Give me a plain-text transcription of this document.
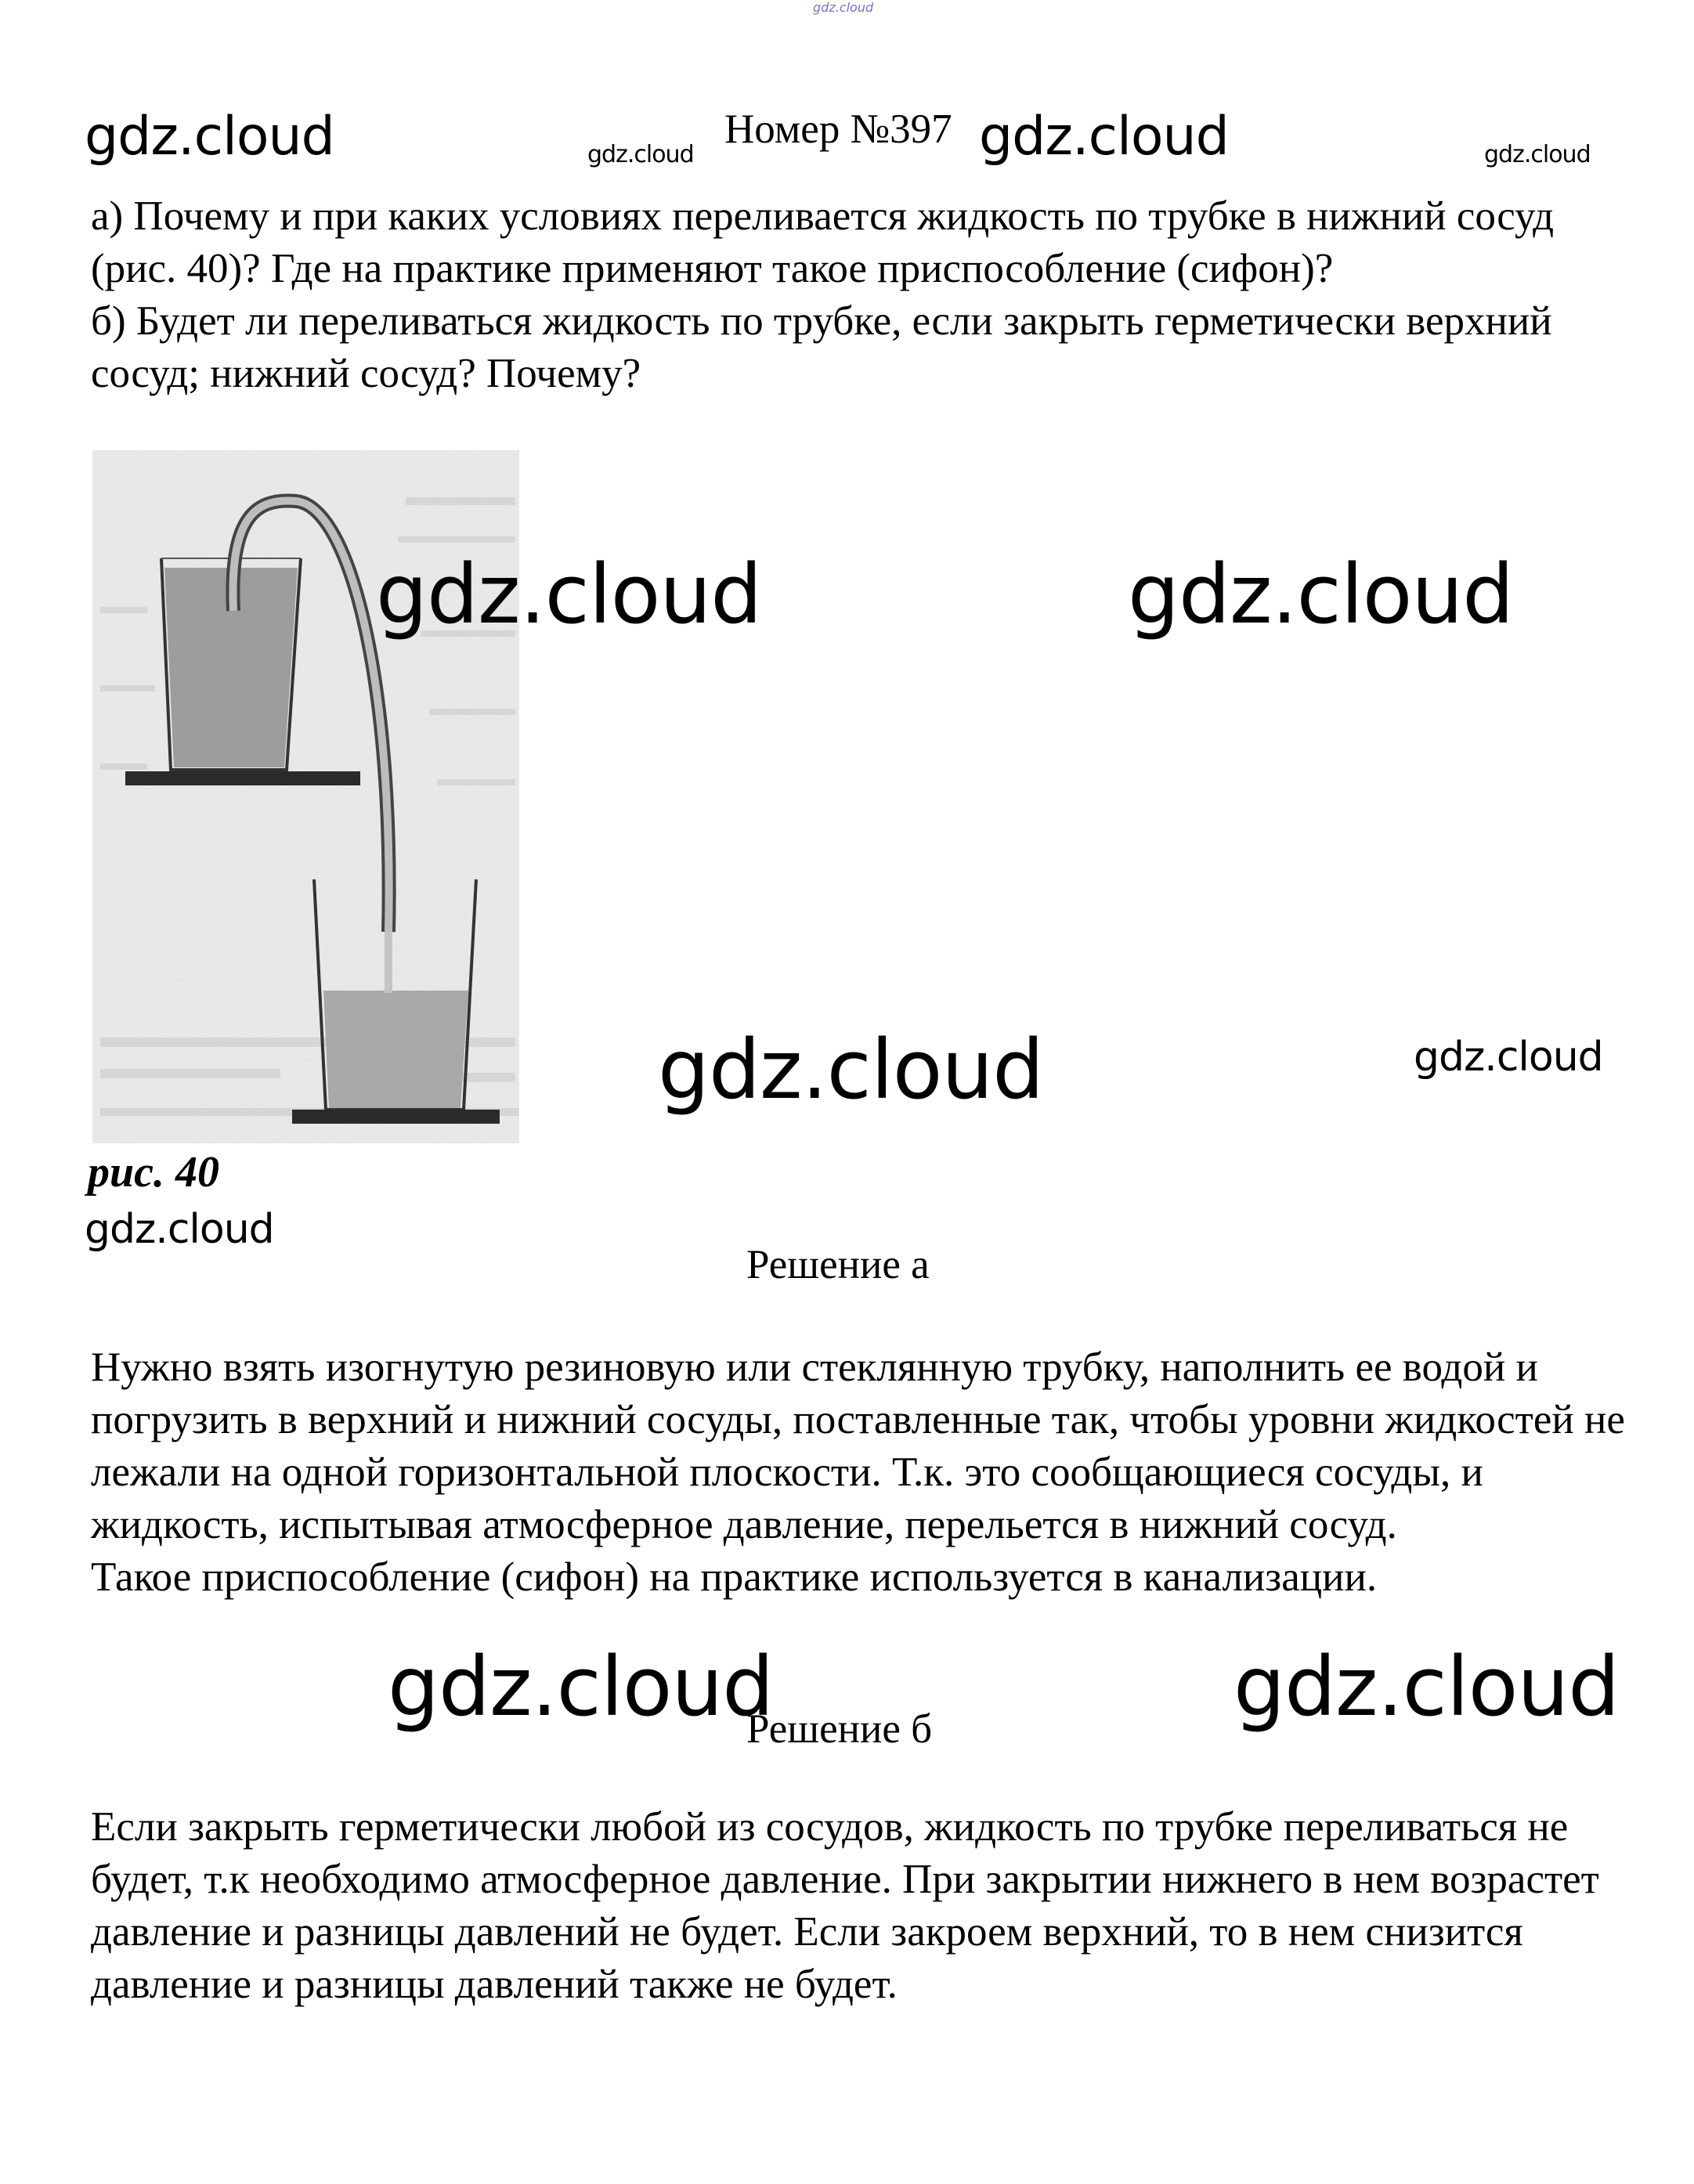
gdz.cloud
gdz.cloud	gdz.cloud
Номер №397 gdz.cloud	gdz.cloud

а) Почему и при каких условиях переливается жидкость по трубке в нижний сосуд (рис. 40)? Где на практике применяют такое приспособление (сифон)?

б) Будет ли переливаться жидкость по трубке, если закрыть герметически верхний сосуд; нижний сосуд? Почему?

gdz.cloud	gdz.cloud
gdz.cloud	gdz.cloud
рис. 40
gdz.cloud
Решение а

Нужно взять изогнутую резиновую или стеклянную трубку, наполнить ее водой и погрузить в верхний и нижний сосуды, поставленные так, чтобы уровни жидкостей не лежали на одной горизонтальной плоскости. Т.к. это сообщающиеся сосуды, и жидкость, испытывая атмосферное давление, перельется в нижний сосуд.

Такое приспособление (сифон) на практике используется в канализации.

gdz.cloud
Решение б	gdz.cloud

Если закрыть герметически любой из сосудов, жидкость по трубке переливаться не будет, т.к необходимо атмосферное давление. При закрытии нижнего в нем возрастет давление и разницы давлений не будет. Если закроем верхний, то в нем снизится давление и разницы давлений также не будет.
